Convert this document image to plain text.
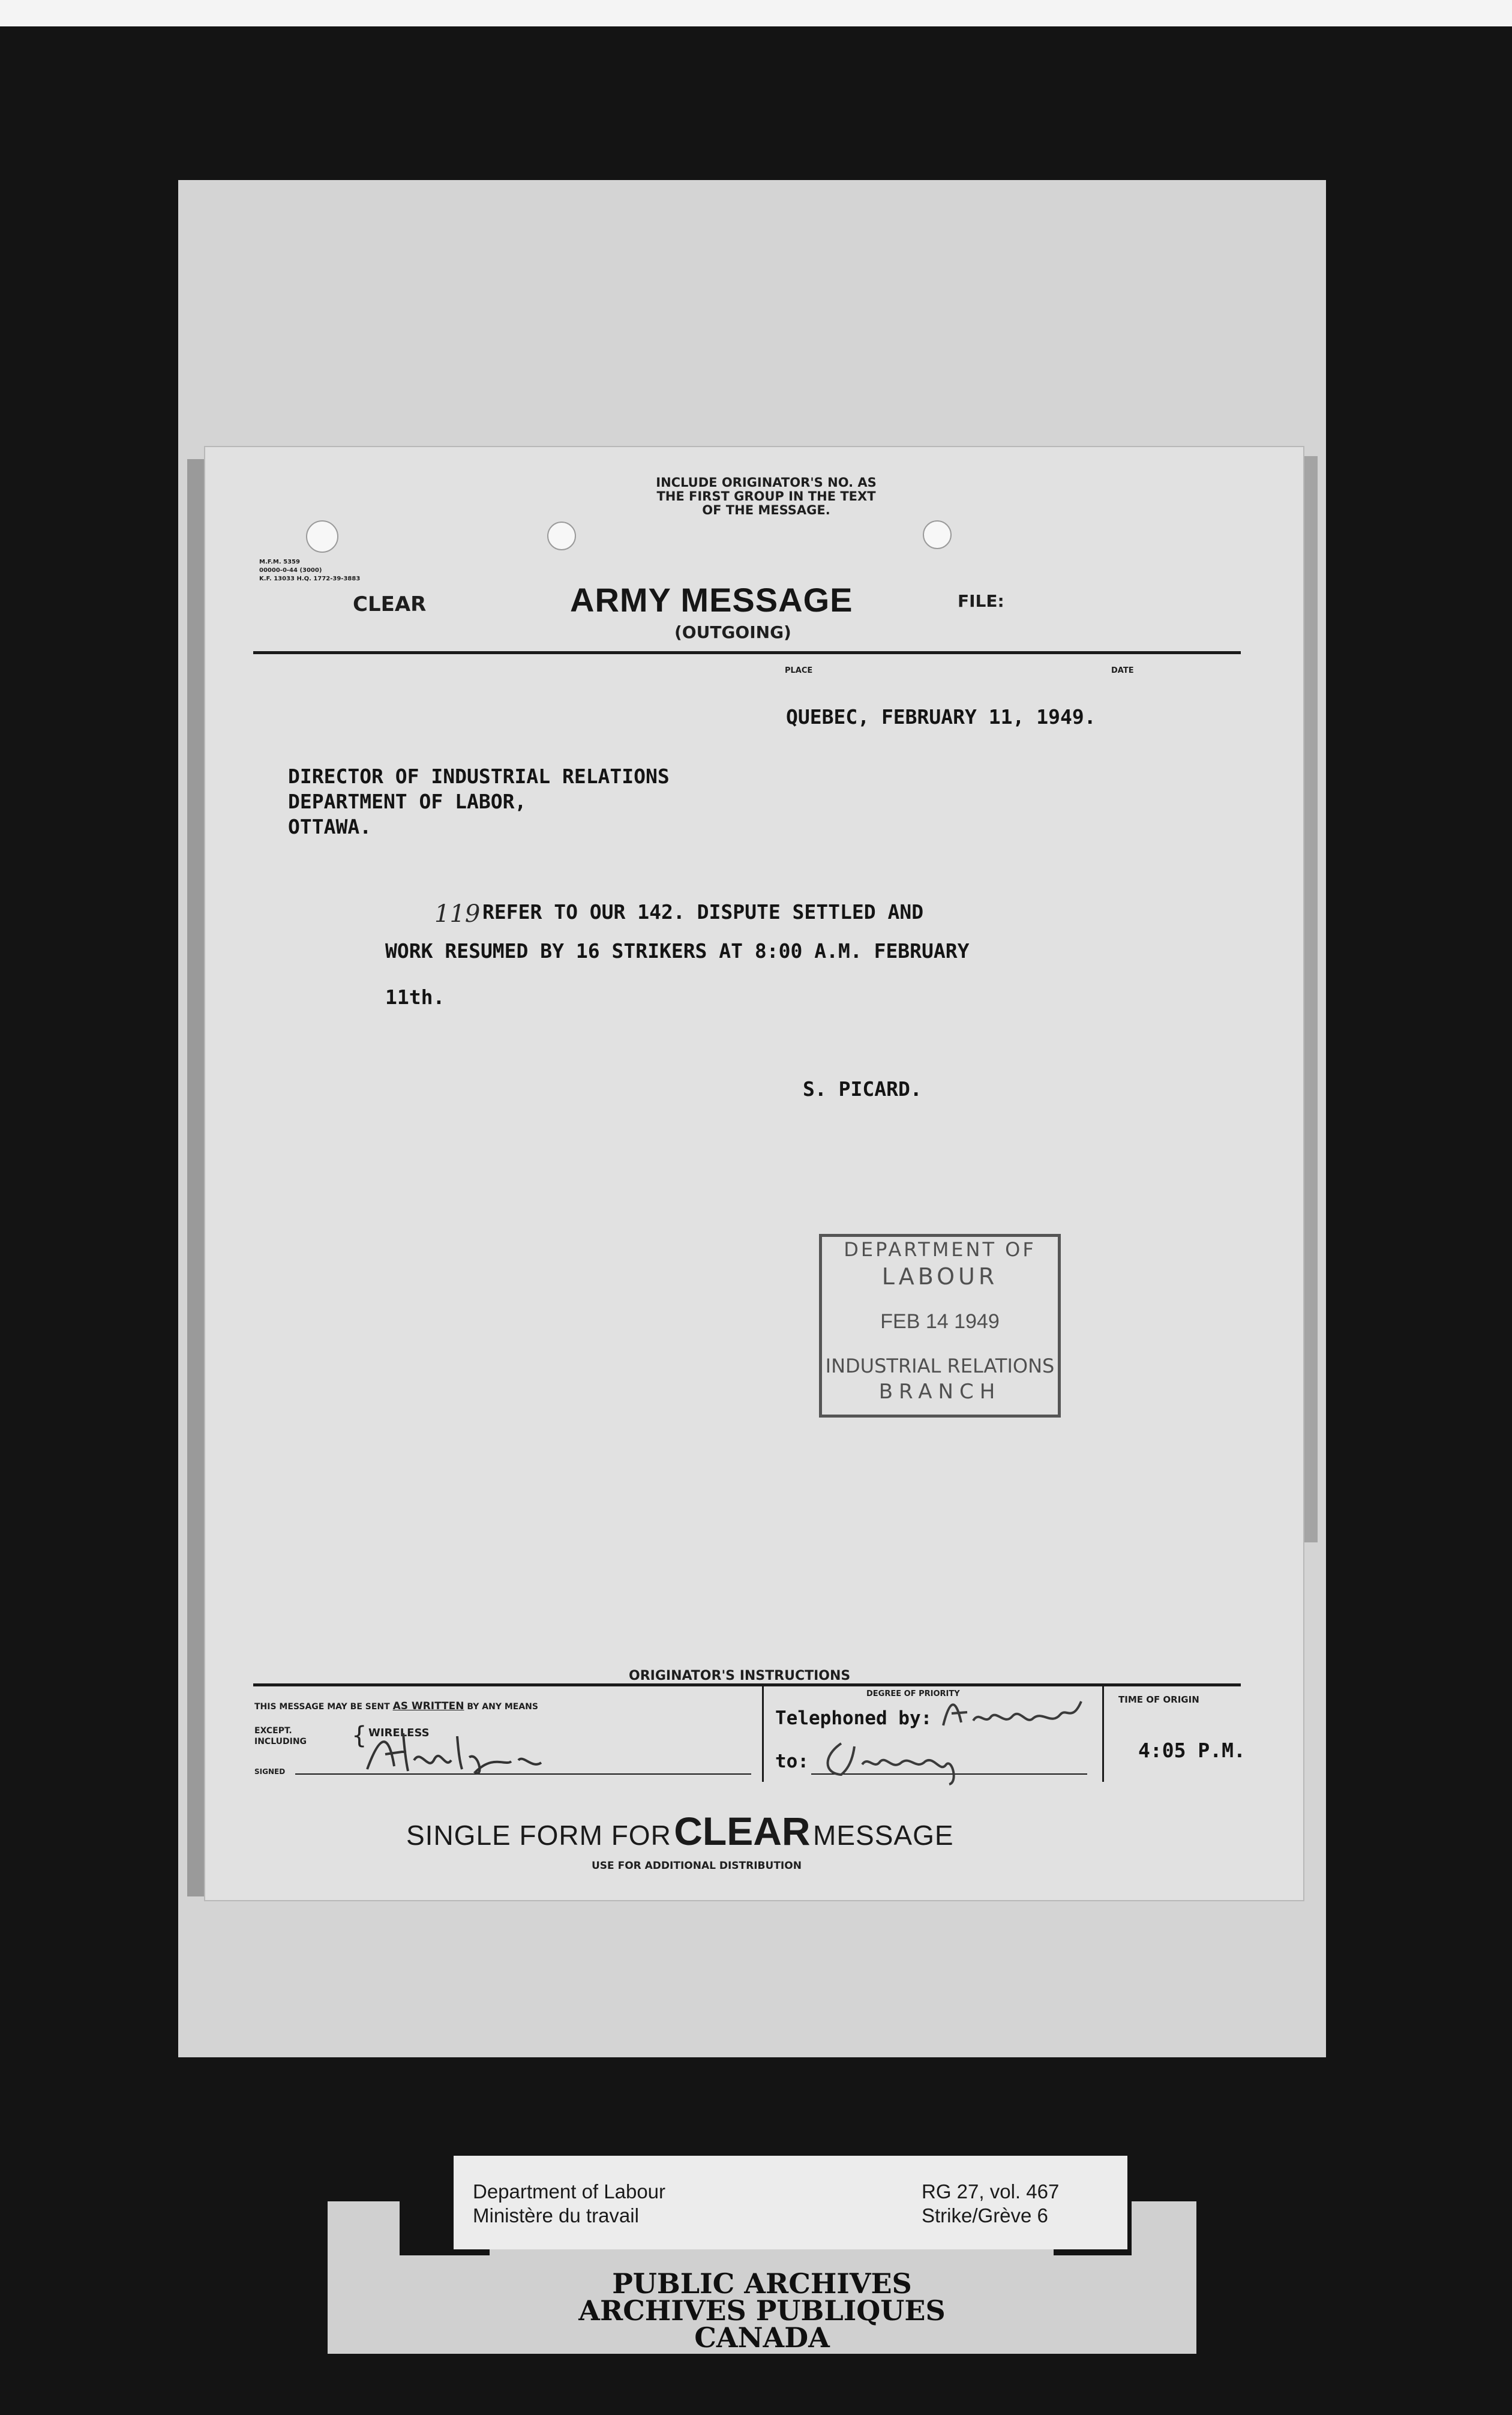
INCLUDE ORIGINATOR'S NO. AS
THE FIRST GROUP IN THE TEXT
OF THE MESSAGE.
M.F.M. 5359
00000-0-44 (3000)
K.F. 13033 H.Q. 1772-39-3883
CLEAR	ARMY MESSAGE
(OUTGOING)
FILE:
PLACE	DATE
QUEBEC, FEBRUARY 11, 1949.
DIRECTOR OF INDUSTRIAL RELATIONS
DEPARTMENT OF LABOR,
OTTAWA.
119 REFER TO OUR 142. DISPUTE SETTLED AND
WORK RESUMED BY 16 STRIKERS AT 8:00 A.M. FEBRUARY
11th.
S. PICARD.
ORIGINATOR'S INSTRUCTIONS
THIS MESSAGE MAY BE SENT AS WRITTEN BY ANY MEANS
EXCEPT.
INCLUDING { WIRELESS
SIGNED
DEGREE OF PRIORITY
Telephoned by:
to:
TIME OF ORIGIN
4:05 P.M.
SINGLE FORM FOR CLEAR MESSAGE
USE FOR ADDITIONAL DISTRIBUTION
DEPARTMENT OF
LABOUR
FEB 14 1949
INDUSTRIAL RELATIONS
BRANCH
PUBLIC ARCHIVES
ARCHIVES PUBLIQUES
CANADA
Department of Labour
Ministère du travail
RG 27, vol. 467
Strike/Grève 6
